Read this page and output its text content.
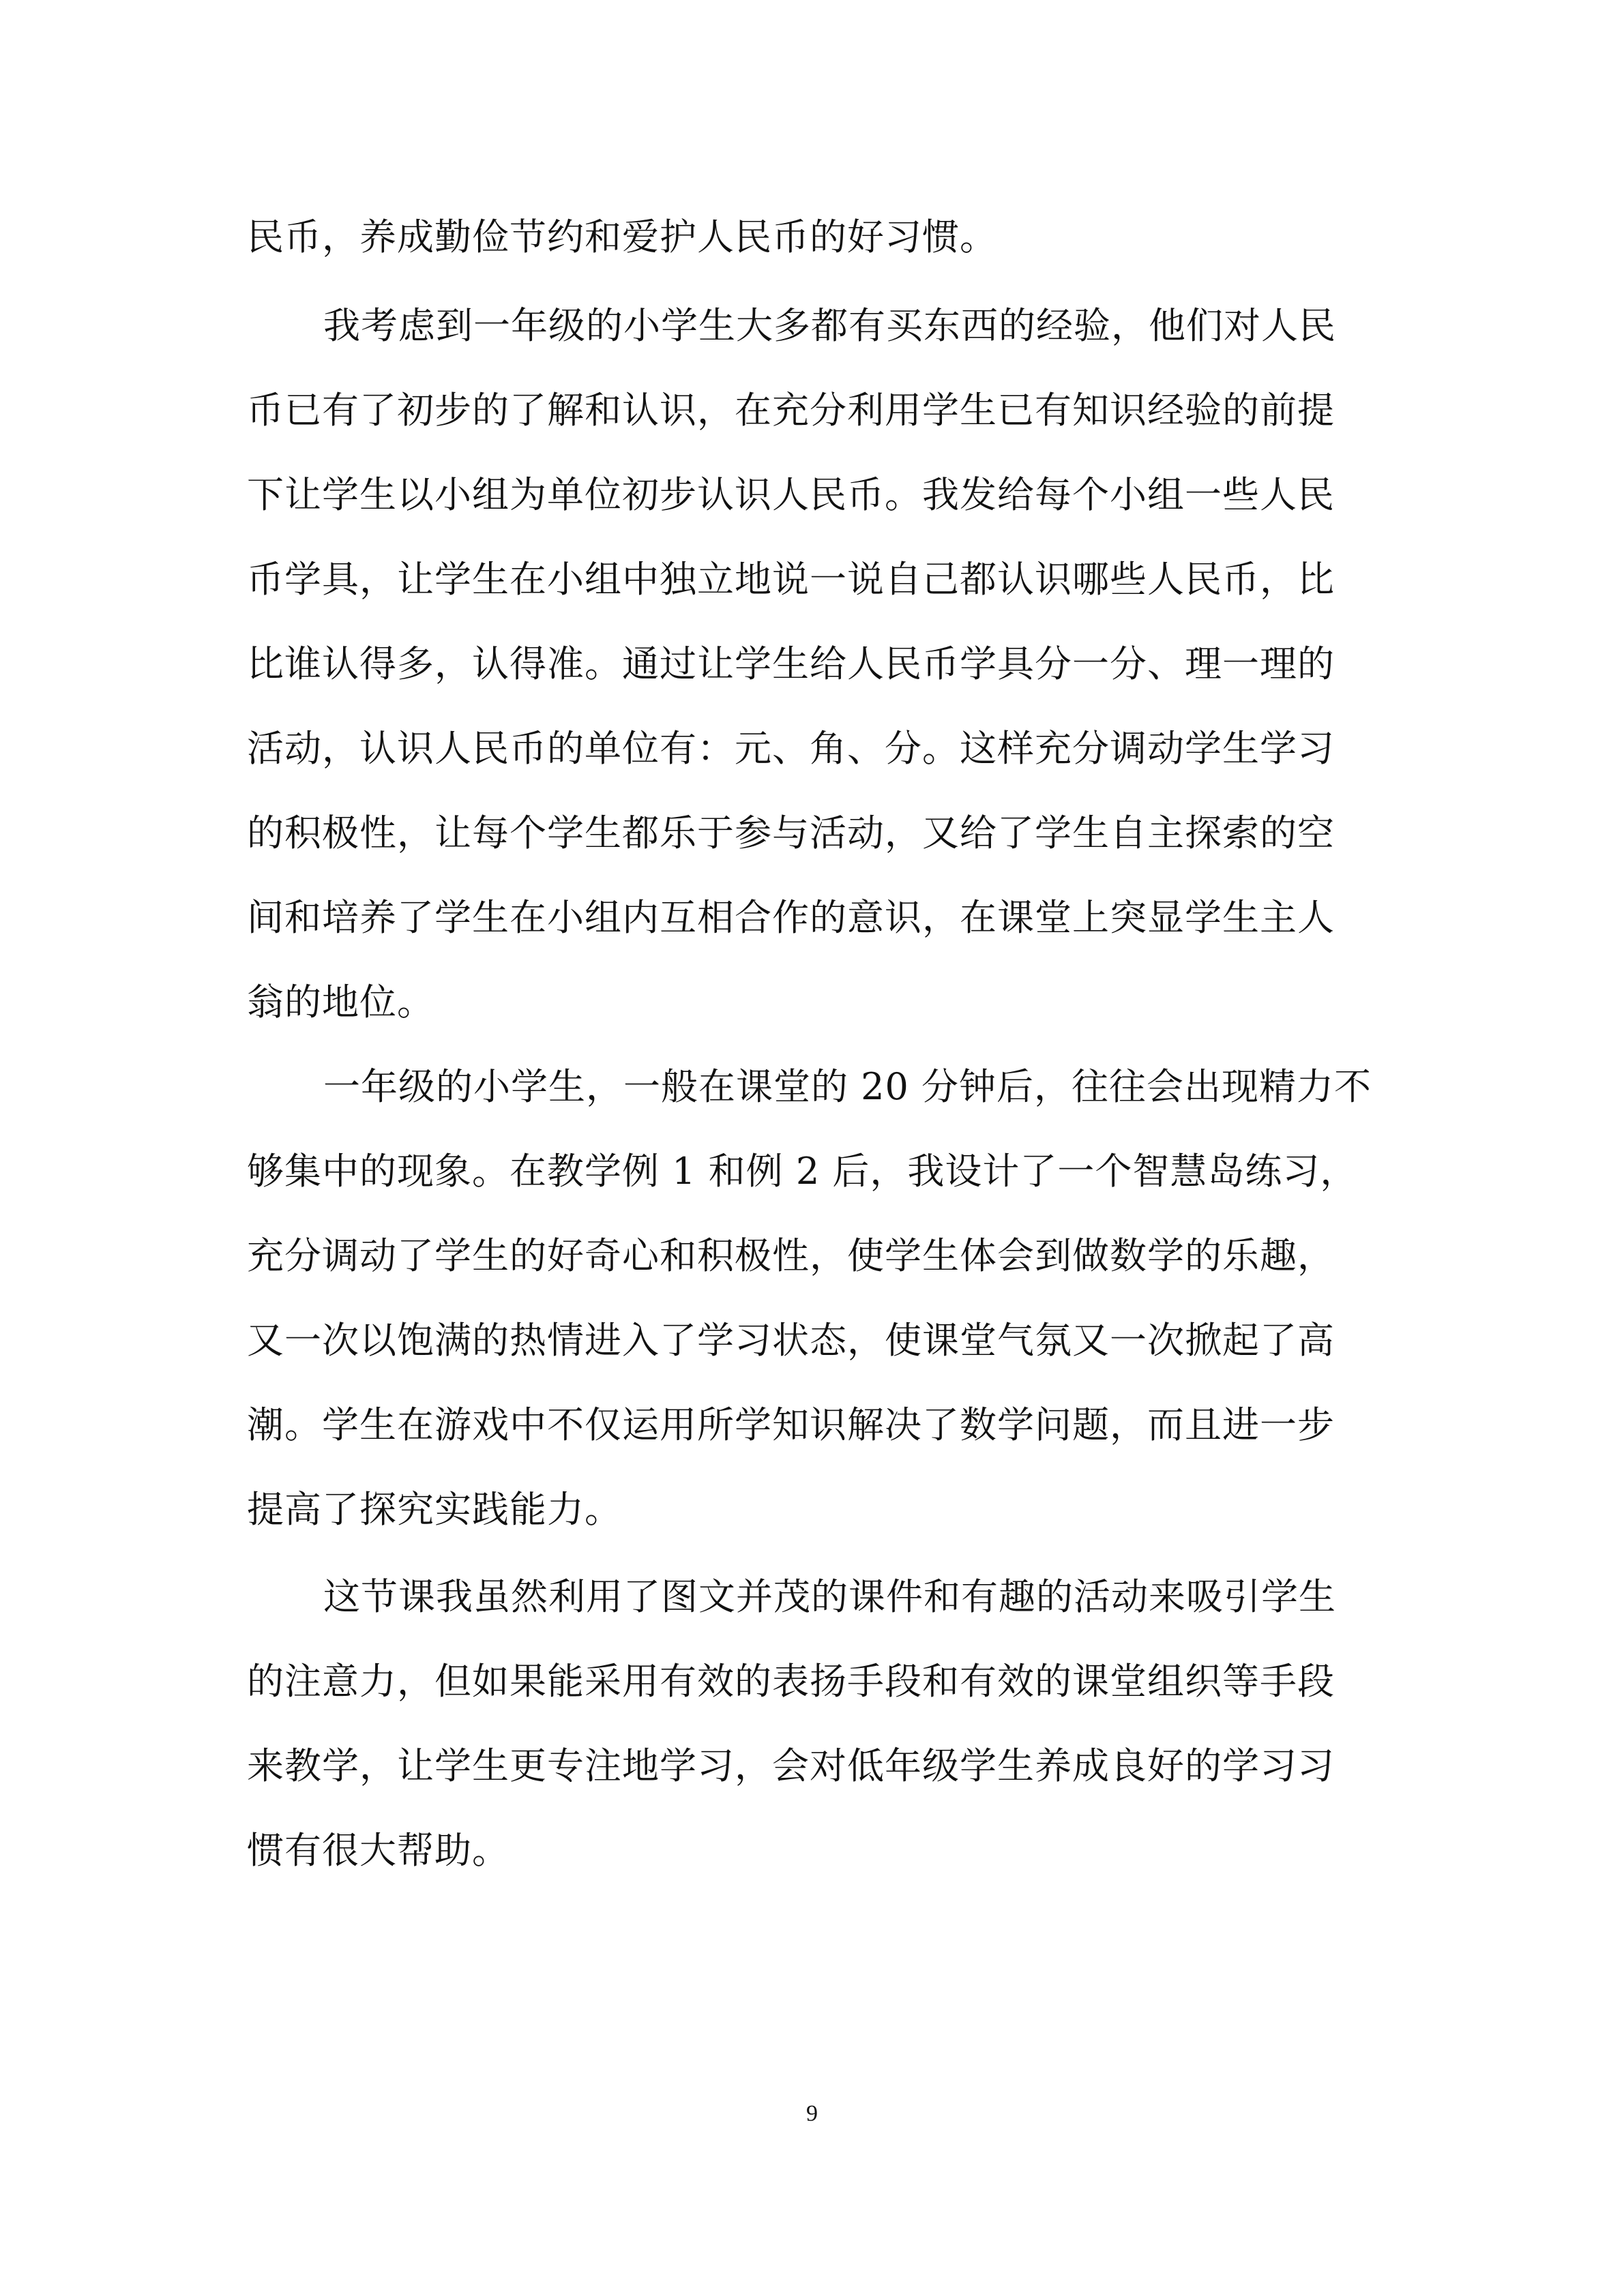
民币，养成勤俭节约和爱护人民币的好习惯。
我考虑到一年级的小学生大多都有买东西的经验，他们对人民
币已有了初步的了解和认识，在充分利用学生已有知识经验的前提
下让学生以小组为单位初步认识人民币。我发给每个小组一些人民
币学具，让学生在小组中独立地说一说自己都认识哪些人民币，比
比谁认得多，认得准。通过让学生给人民币学具分一分、理一理的
活动，认识人民币的单位有：元、角、分。这样充分调动学生学习
的积极性，让每个学生都乐于参与活动，又给了学生自主探索的空
间和培养了学生在小组内互相合作的意识，在课堂上突显学生主人
翁的地位。
一年级的小学生，一般在课堂的 20 分钟后，往往会出现精力不
够集中的现象。在教学例 1 和例 2 后，我设计了一个智慧岛练习，
充分调动了学生的好奇心和积极性，使学生体会到做数学的乐趣，
又一次以饱满的热情进入了学习状态，使课堂气氛又一次掀起了高
潮。学生在游戏中不仅运用所学知识解决了数学问题，而且进一步
提高了探究实践能力。
这节课我虽然利用了图文并茂的课件和有趣的活动来吸引学生
的注意力，但如果能采用有效的表扬手段和有效的课堂组织等手段
来教学，让学生更专注地学习，会对低年级学生养成良好的学习习
惯有很大帮助。
9
